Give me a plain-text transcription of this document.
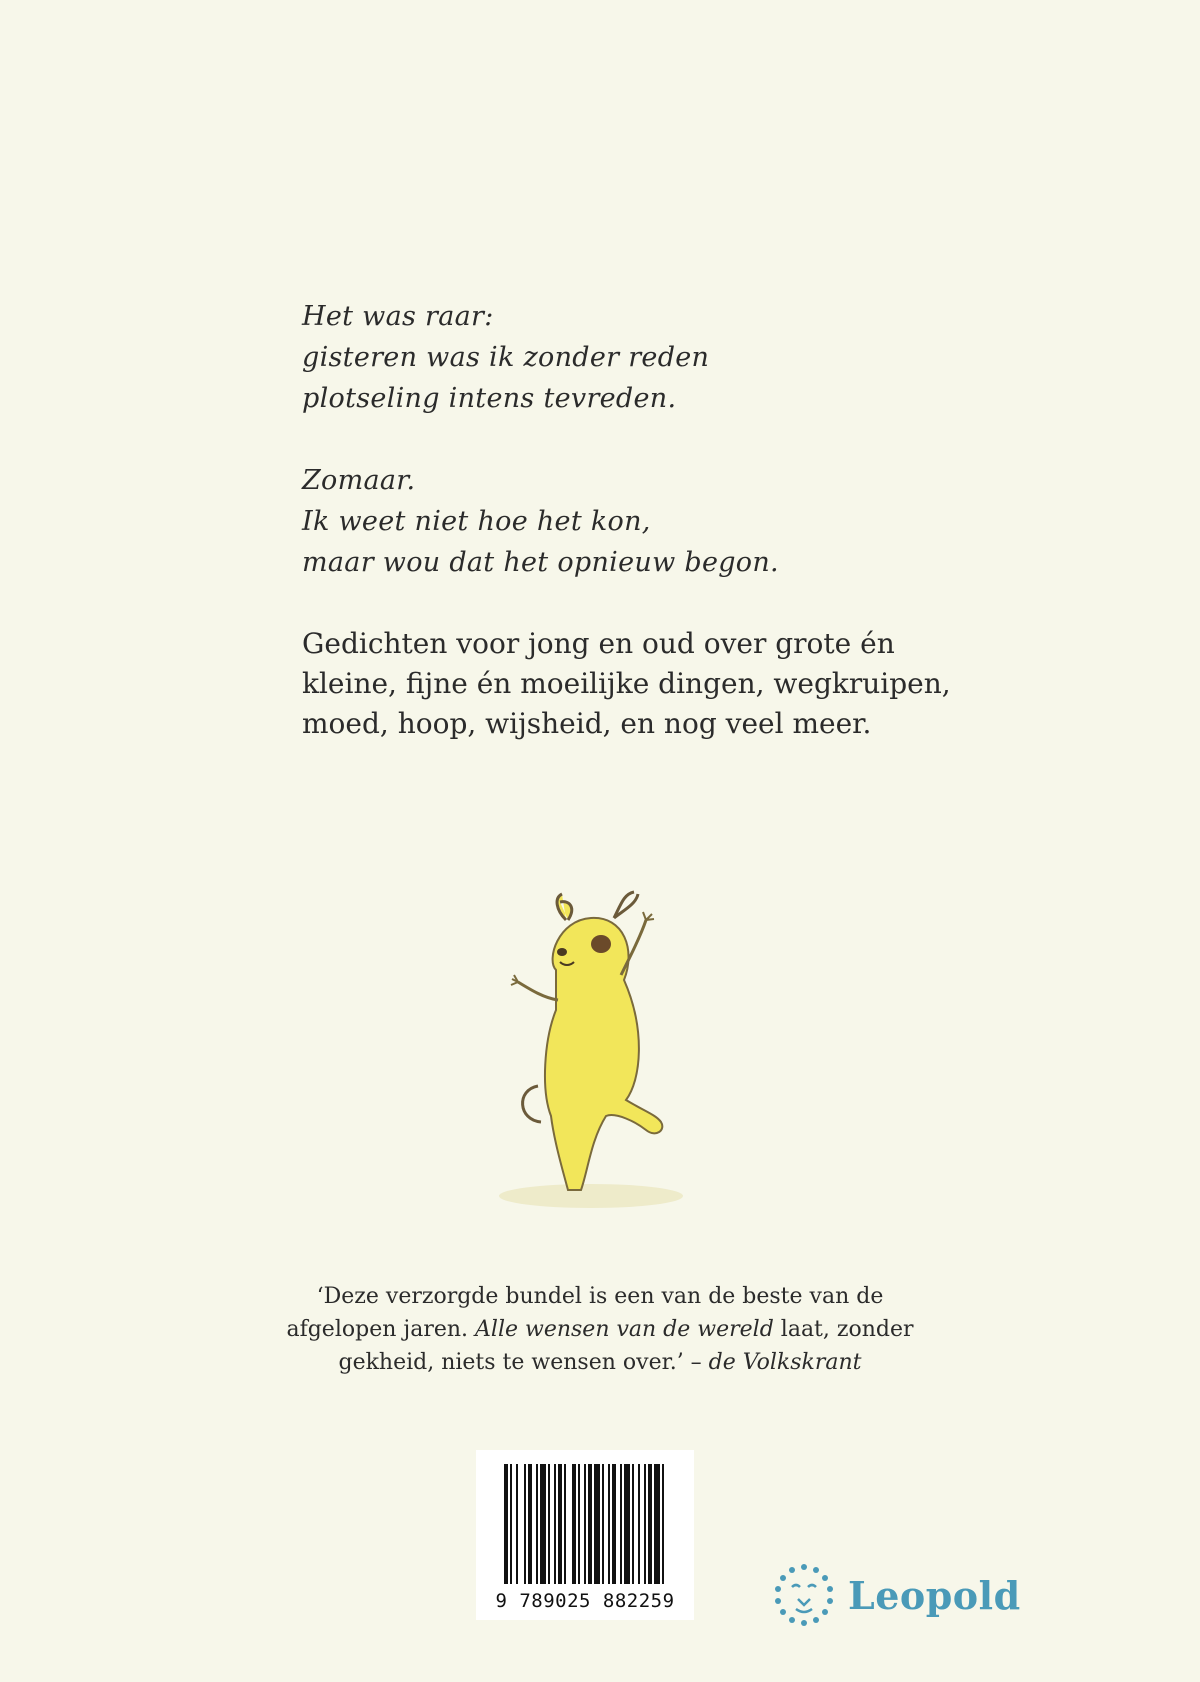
Het was raar:
gisteren was ik zonder reden
plotseling intens tevreden.
Zomaar.
Ik weet niet hoe het kon,
maar wou dat het opnieuw begon.
Gedichten voor jong en oud over grote én
kleine, fijne én moeilijke dingen, wegkruipen,
moed, hoop, wijsheid, en nog veel meer.
‘Deze verzorgde bundel is een van de beste van de
afgelopen jaren. Alle wensen van de wereld laat, zonder
gekheid, niets te wensen over.’ – de Volkskrant
9 789025 882259	Leopold
